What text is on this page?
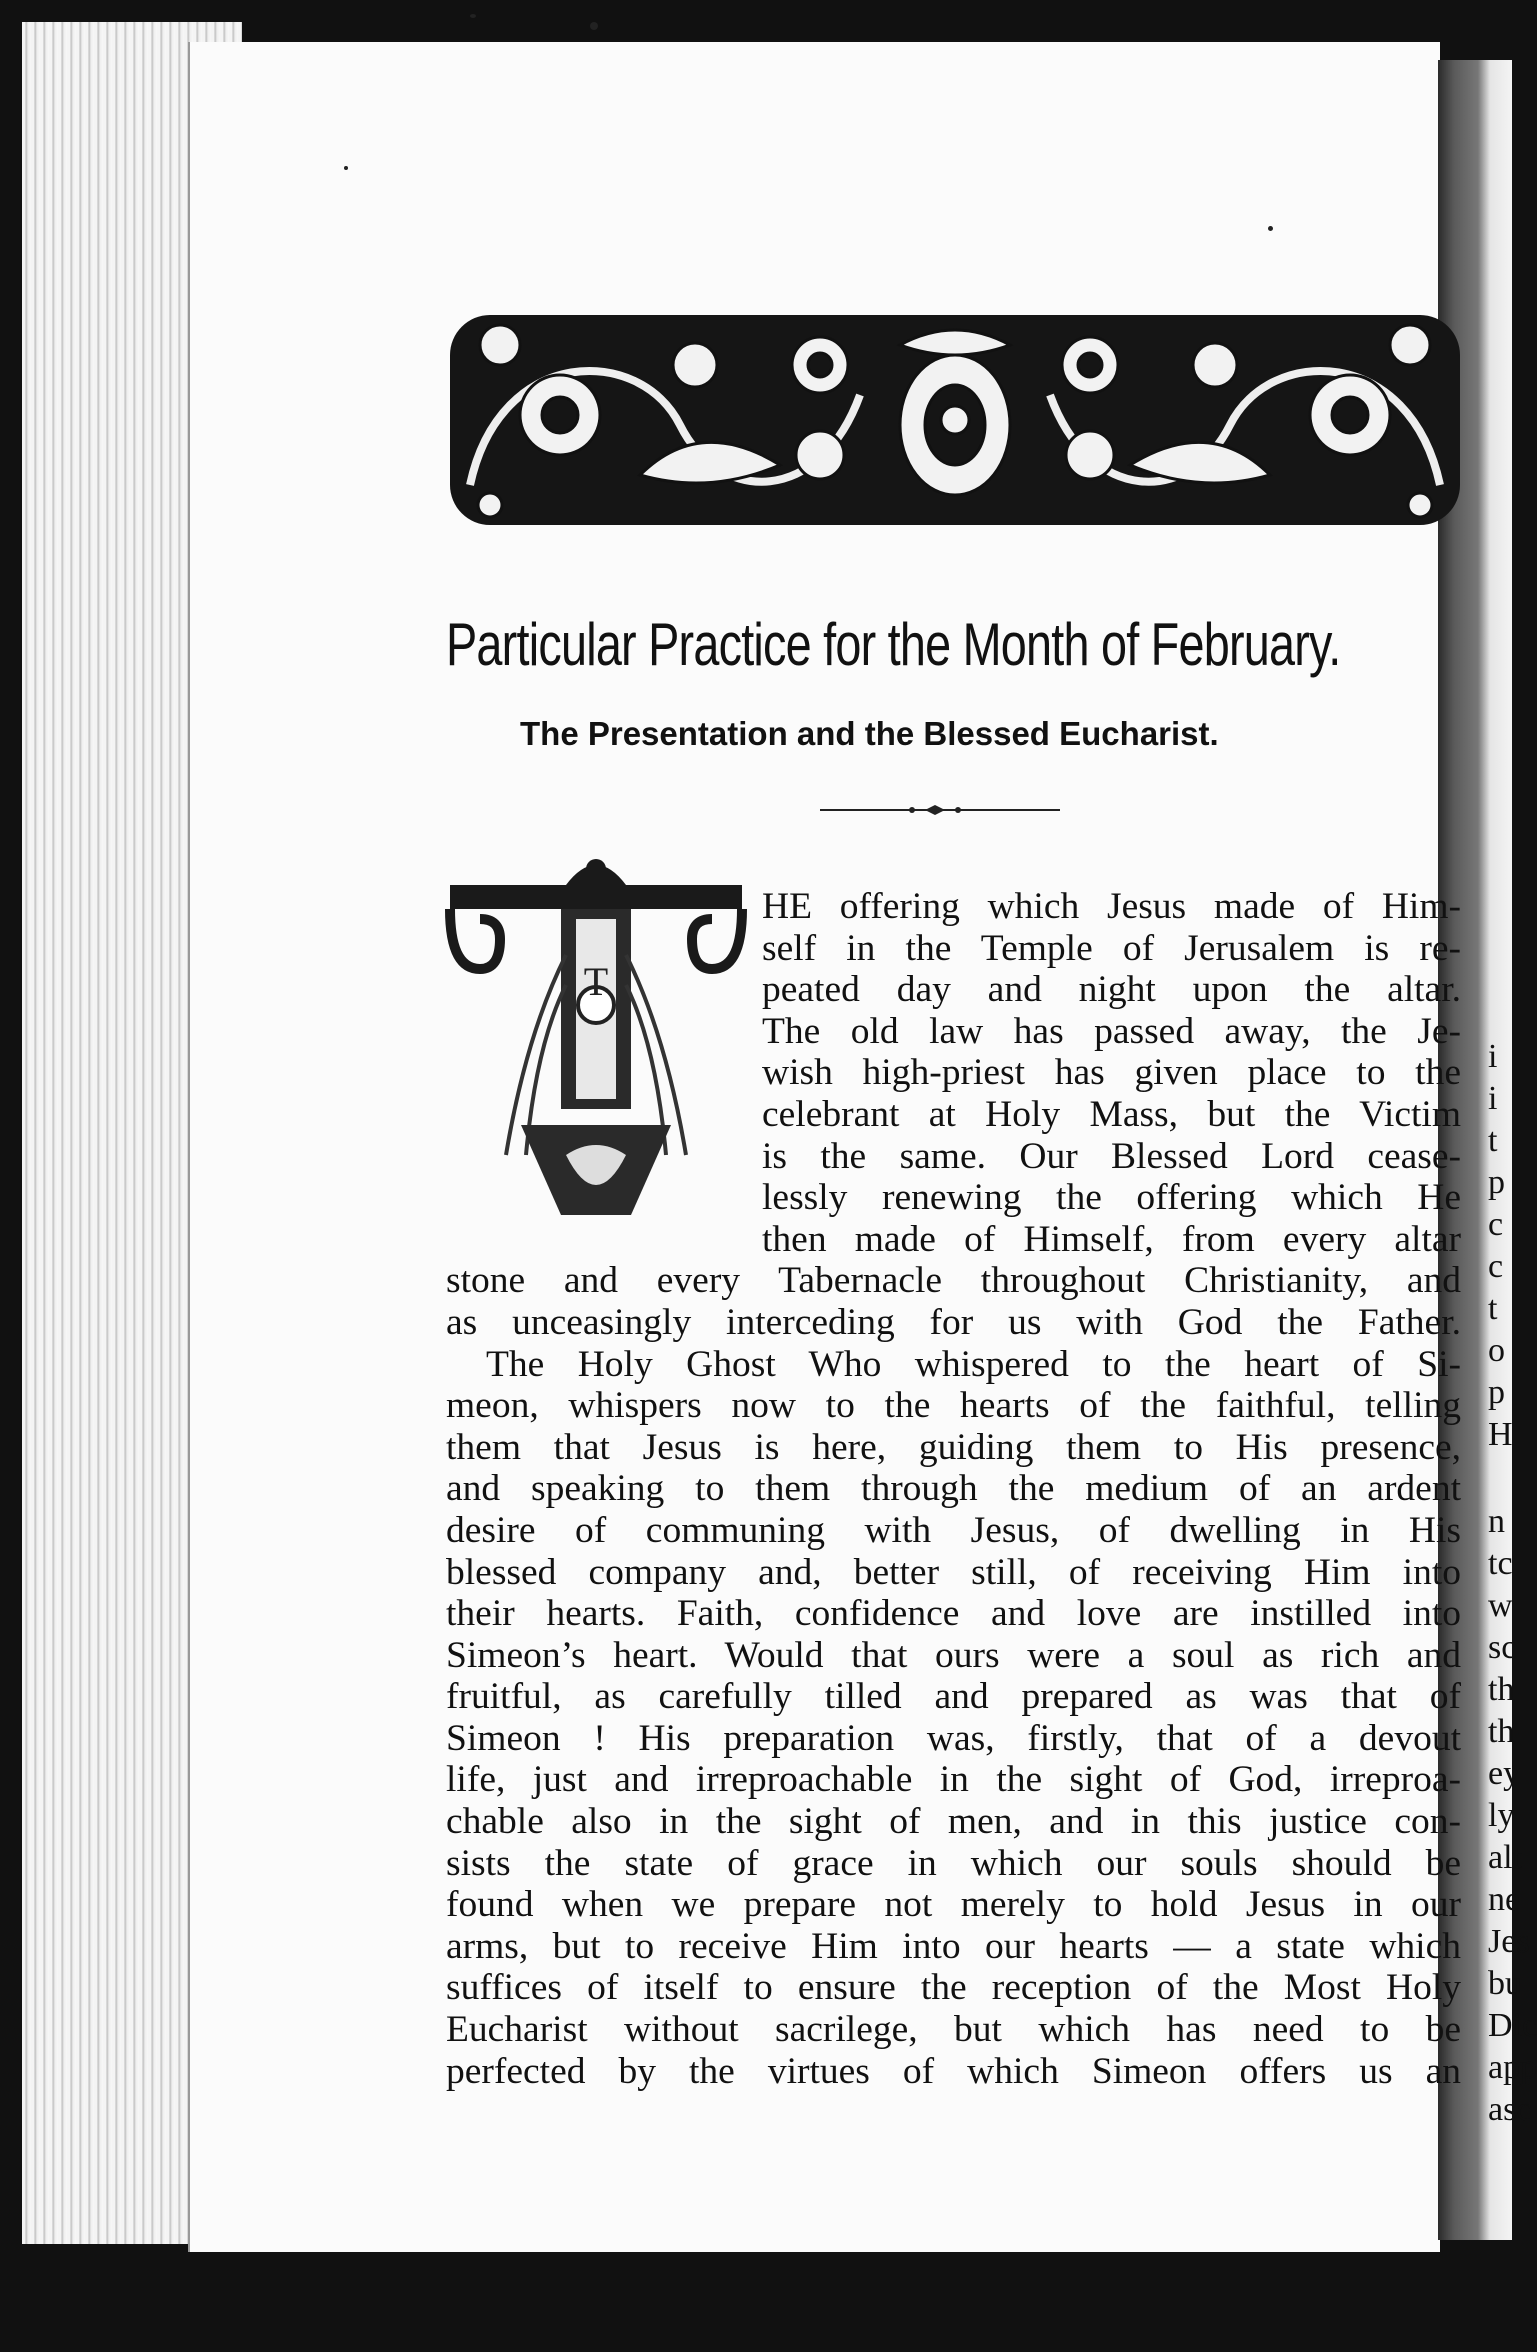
i
i
t
p
c
c
t
o
p
H
n
tc
w
sc
th
th
ey
ly
alt
ne
Jes
bu
Dic
app
asc
Particular Practice for the Month of February.
The Presentation and the Blessed Eucharist.
T
HE offering which Jesus made of Him-
self in the Temple of Jerusalem is re-
peated day and night upon the altar.
The old law has passed away, the Je-
wish high-priest has given place to the
celebrant at Holy Mass, but the Victim
is the same. Our Blessed Lord cease-
lessly renewing the offering which He
then made of Himself, from every altar
stone and every Tabernacle throughout Christianity, and
as unceasingly interceding for us with God the Father.
The Holy Ghost Who whispered to the heart of Si-
meon, whispers now to the hearts of the faithful, telling
them that Jesus is here, guiding them to His presence,
and speaking to them through the medium of an ardent
desire of communing with Jesus, of dwelling in His
blessed company and, better still, of receiving Him into
their hearts. Faith, confidence and love are instilled into
Simeon’s heart. Would that ours were a soul as rich and
fruitful, as carefully tilled and prepared as was that of
Simeon ! His preparation was, firstly, that of a devout
life, just and irreproachable in the sight of God, irreproa-
chable also in the sight of men, and in this justice con-
sists the state of grace in which our souls should be
found when we prepare not merely to hold Jesus in our
arms, but to receive Him into our hearts — a state which
suffices of itself to ensure the reception of the Most Holy
Eucharist without sacrilege, but which has need to be
perfected by the virtues of which Simeon offers us an
